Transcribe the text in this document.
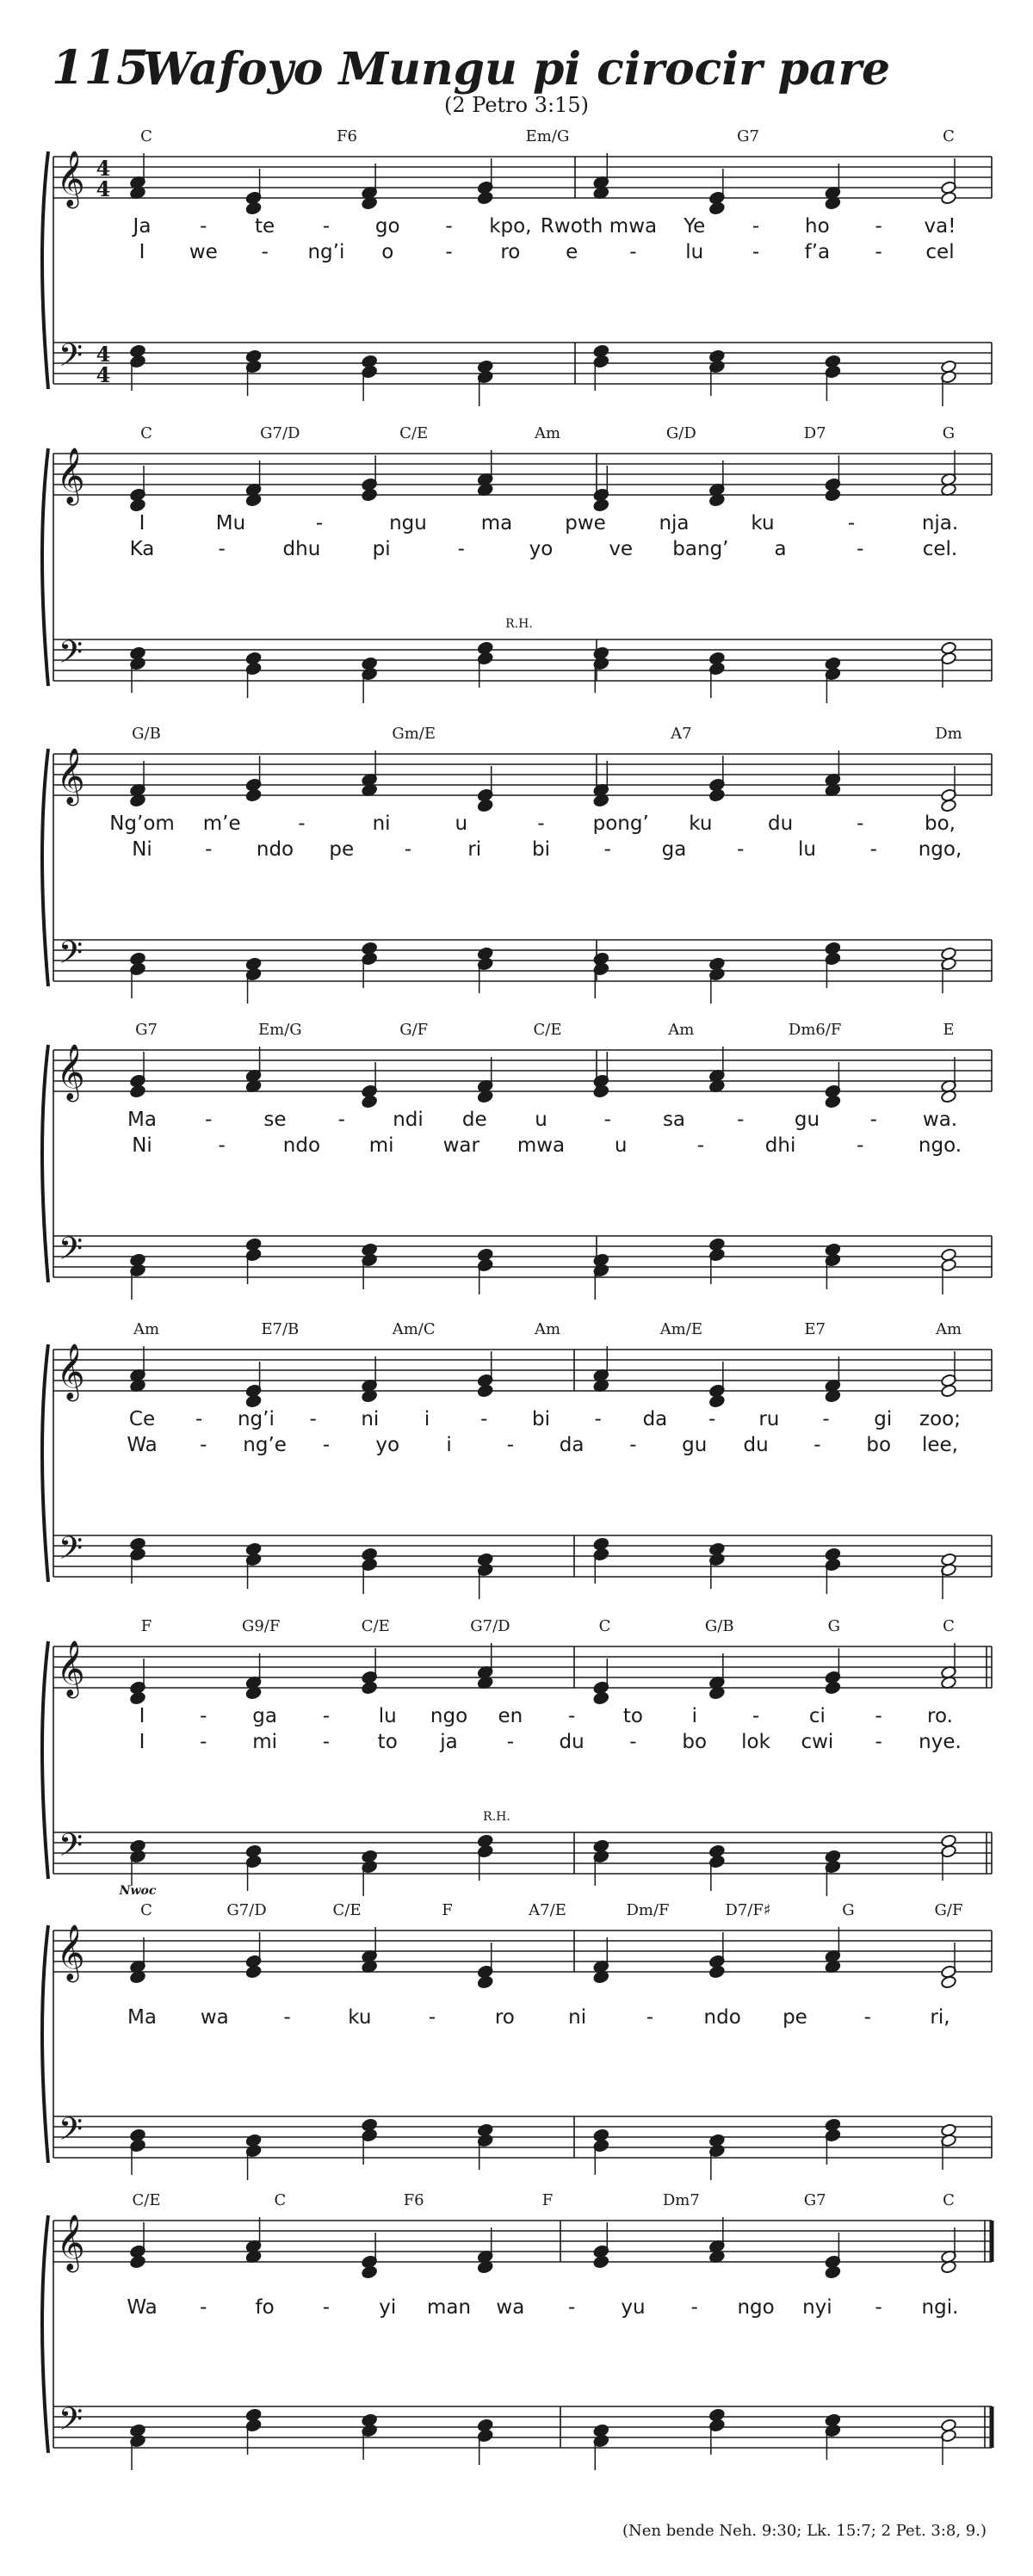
115
Wafoyo Mungu pi cirocir pare
(2 Petro 3:15)
𝄞
𝄢
4
4
4
4
C	F6	Em/G	G7	C
Ja - te - go - kpo, Rwoth mwa Ye - ho - va!
I we - ng’i o	- ro e	- lu - f’a - cel
𝄞
𝄢
C	G7/D	C/E	Am	G/D	D7	G
I	Mu	-	ngu	ma	pwe	nja	ku	-	nja.
Ka	-	dhu	pi	-	yo	ve bang’ a	-	cel.
R.H.
𝄞
𝄢
G/B	Gm/E	A7	Dm
Ng’om m’e	-	ni	u	- pong’ ku	du	-	bo,
Ni	- ndo pe	-	ri	bi	-	ga	-	lu	- ngo,
𝄞
𝄢
G7	Em/G	G/F	C/E	Am	Dm6/F	E
Ma -	se	- ndi de u	-	sa	-	gu	- wa.
Ni	-	ndo mi war mwa	u	-	dhi	-	ngo.
𝄞
𝄢
Am	E7/B	Am/C	Am	Am/E	E7	Am
Ce - ng’i - ni i	- bi - da - ru - gi zoo;
Wa - ng’e - yo i	- da - gu du - bo lee,
𝄞
𝄢
F	G9/F	C/E	G7/D	C	G/B	G	C
I	- ga - lu ngo en - to i	-	ci	- ro.
I	- mi - to ja - du - bo lok cwi - nye.
R.H.
𝄞
𝄢
C	G7/D	C/E	F	A7/E	Dm/F	D7/F♯	G	G/F
Ma wa	-	ku	-	ro	ni	-	ndo pe	-	ri,
Nwoc
𝄞
𝄢
C/E	C	F6	F	Dm7	G7	C
Wa - fo - yi man wa - yu - ngo nyi - ngi.
(Nen bende Neh. 9:30; Lk. 15:7; 2 Pet. 3:8, 9.)
